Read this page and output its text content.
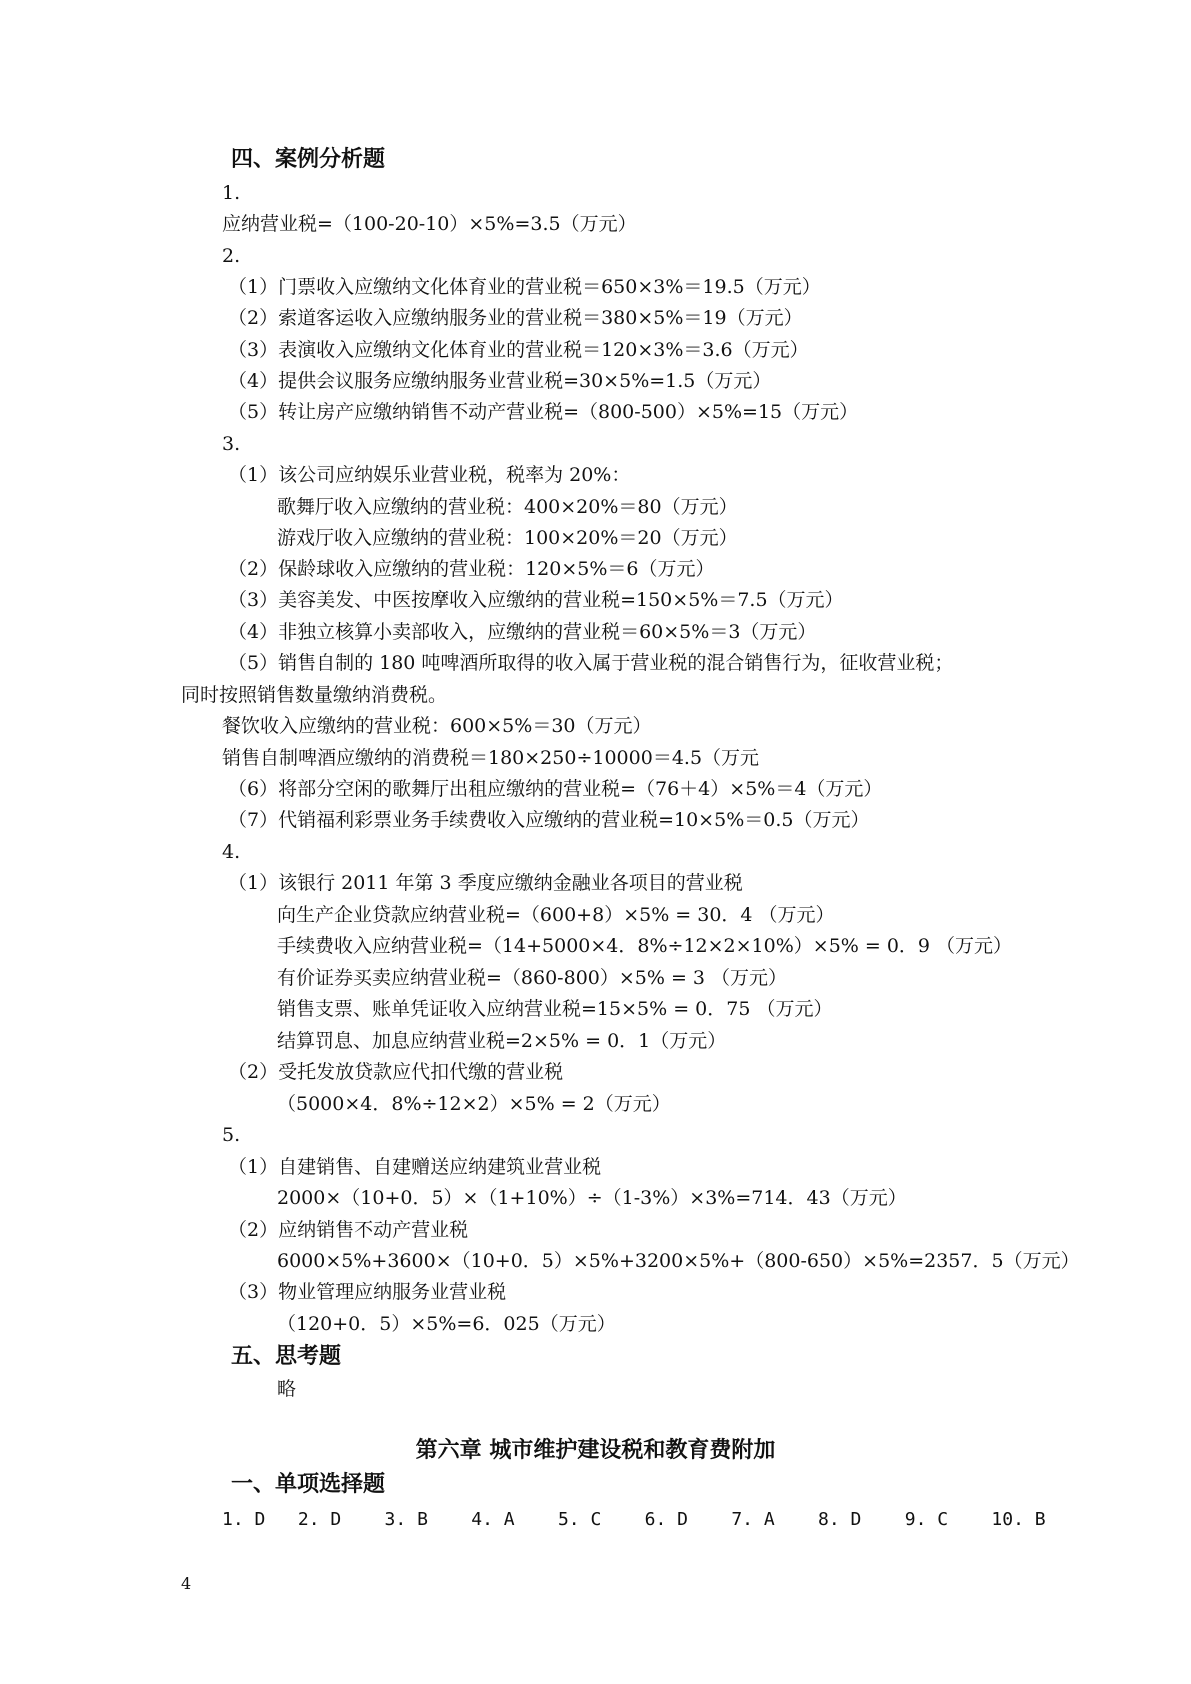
四、案例分析题
1.
应纳营业税=（100-20-10）×5%=3.5（万元）
2.
（1）门票收入应缴纳文化体育业的营业税＝650×3%＝19.5（万元）
（2）索道客运收入应缴纳服务业的营业税＝380×5%＝19（万元）
（3）表演收入应缴纳文化体育业的营业税＝120×3%＝3.6（万元）
（4）提供会议服务应缴纳服务业营业税=30×5%=1.5（万元）
（5）转让房产应缴纳销售不动产营业税=（800-500）×5%=15（万元）
3.
（1）该公司应纳娱乐业营业税，税率为 20%：
歌舞厅收入应缴纳的营业税：400×20%＝80（万元）
游戏厅收入应缴纳的营业税：100×20%＝20（万元）
（2）保龄球收入应缴纳的营业税：120×5%＝6（万元）
（3）美容美发、中医按摩收入应缴纳的营业税=150×5%＝7.5（万元）
（4）非独立核算小卖部收入，应缴纳的营业税＝60×5%＝3（万元）
（5）销售自制的 180 吨啤酒所取得的收入属于营业税的混合销售行为，征收营业税；
同时按照销售数量缴纳消费税。
餐饮收入应缴纳的营业税：600×5%＝30（万元）
销售自制啤酒应缴纳的消费税＝180×250÷10000＝4.5（万元
（6）将部分空闲的歌舞厅出租应缴纳的营业税=（76＋4）×5%＝4（万元）
（7）代销福利彩票业务手续费收入应缴纳的营业税=10×5%＝0.5（万元）
4.
（1）该银行 2011 年第 3 季度应缴纳金融业各项目的营业税
向生产企业贷款应纳营业税=（600+8）×5% = 30．4 （万元）
手续费收入应纳营业税=（14+5000×4．8%÷12×2×10%）×5% = 0．9 （万元）
有价证券买卖应纳营业税=（860-800）×5% = 3 （万元）
销售支票、账单凭证收入应纳营业税=15×5% = 0．75 （万元）
结算罚息、加息应纳营业税=2×5% = 0．1（万元）
（2）受托发放贷款应代扣代缴的营业税
（5000×4．8%÷12×2）×5% = 2（万元）
5.
（1）自建销售、自建赠送应纳建筑业营业税
2000×（10+0．5）×（1+10%）÷（1-3%）×3%=714．43（万元）
（2）应纳销售不动产营业税
6000×5%+3600×（10+0．5）×5%+3200×5%+（800-650）×5%=2357．5（万元）
（3）物业管理应纳服务业营业税
（120+0．5）×5%=6．025（万元）
五、思考题
略
第六章 城市维护建设税和教育费附加
一、单项选择题
1. D   2. D    3. B    4. A    5. C    6. D    7. A    8. D    9. C    10. B
4
